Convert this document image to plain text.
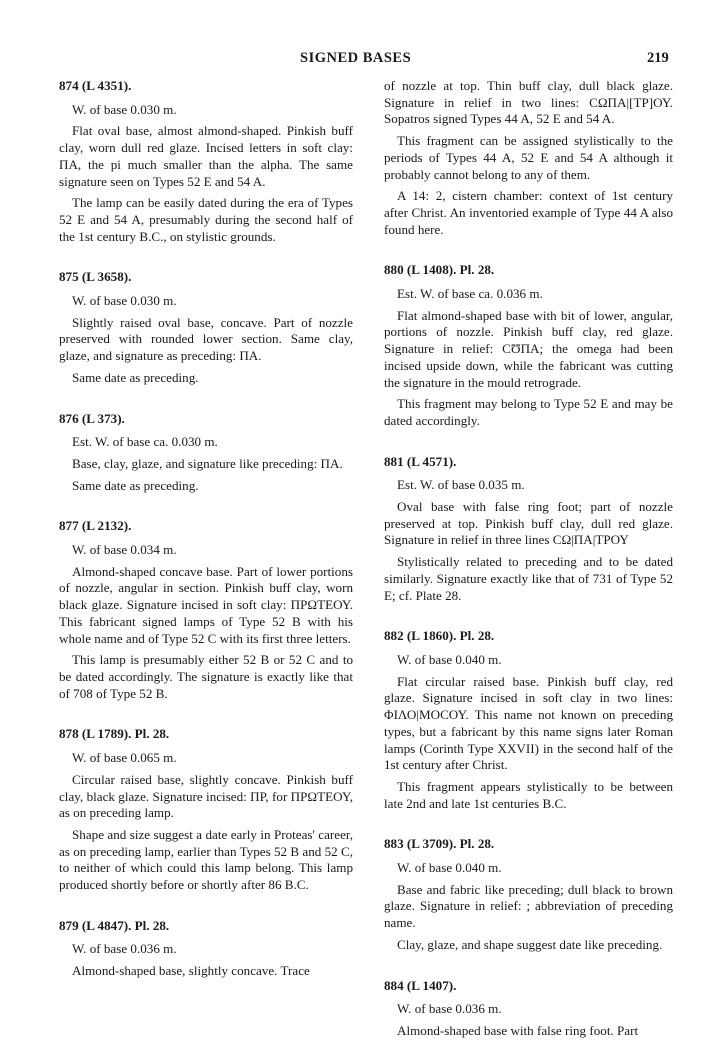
SIGNED BASES	219
874 (L 4351).

W. of base 0.030 m.

Flat oval base, almost almond-shaped. Pinkish buff clay, worn dull red glaze. Incised letters in soft clay: ΠΑ, the pi much smaller than the alpha. The same signature seen on Types 52 E and 54 A.

The lamp can be easily dated during the era of Types 52 E and 54 A, presumably during the second half of the 1st century B.C., on stylistic grounds.

875 (L 3658).

W. of base 0.030 m.

Slightly raised oval base, concave. Part of nozzle preserved with rounded lower section. Same clay, glaze, and signature as preceding: ΠΑ.

Same date as preceding.

876 (L 373).

Est. W. of base ca. 0.030 m.

Base, clay, glaze, and signature like preceding: ΠΑ.

Same date as preceding.

877 (L 2132).

W. of base 0.034 m.

Almond-shaped concave base. Part of lower portions of nozzle, angular in section. Pinkish buff clay, worn black glaze. Signature incised in soft clay: ΠΡΩΤΕΟΥ. This fabricant signed lamps of Type 52 B with his whole name and of Type 52 C with its first three letters.

This lamp is presumably either 52 B or 52 C and to be dated accordingly. The signature is exactly like that of 708 of Type 52 B.

878 (L 1789). Pl. 28.

W. of base 0.065 m.

Circular raised base, slightly concave. Pinkish buff clay, black glaze. Signature incised: ΠΡ, for ΠΡΩΤΕΟΥ, as on preceding lamp.

Shape and size suggest a date early in Proteas' career, as on preceding lamp, earlier than Types 52 B and 52 C, to neither of which could this lamp belong. This lamp produced shortly before or shortly after 86 B.C.

879 (L 4847). Pl. 28.

W. of base 0.036 m.

Almond-shaped base, slightly concave. Trace

of nozzle at top. Thin buff clay, dull black glaze. Signature in relief in two lines: CΩΠΑ|[ΤΡ]ΟΥ. Sopatros signed Types 44 A, 52 E and 54 A.

This fragment can be assigned stylistically to the periods of Types 44 A, 52 E and 54 A although it probably cannot belong to any of them.

A 14: 2, cistern chamber: context of 1st century after Christ. An inventoried example of Type 44 A also found here.

880 (L 1408). Pl. 28.

Est. W. of base ca. 0.036 m.

Flat almond-shaped base with bit of lower, angular, portions of nozzle. Pinkish buff clay, red glaze. Signature in relief: CƱΠΑ; the omega had been incised upside down, while the fabricant was cutting the signature in the mould retrograde.

This fragment may belong to Type 52 E and may be dated accordingly.

881 (L 4571).

Est. W. of base 0.035 m.

Oval base with false ring foot; part of nozzle preserved at top. Pinkish buff clay, dull red glaze. Signature in relief in three lines CΩ|ΠΑ|ΤΡΟΥ

Stylistically related to preceding and to be dated similarly. Signature exactly like that of 731 of Type 52 E; cf. Plate 28.

882 (L 1860). Pl. 28.

W. of base 0.040 m.

Flat circular raised base. Pinkish buff clay, red glaze. Signature incised in soft clay in two lines: ΦΙΛΟ|ΜΟCΟΥ. This name not known on preceding types, but a fabricant by this name signs later Roman lamps (Corinth Type XXVII) in the second half of the 1st century after Christ.

This fragment appears stylistically to be between late 2nd and late 1st centuries B.C.

883 (L 3709). Pl. 28.

W. of base 0.040 m.

Base and fabric like preceding; dull black to brown glaze. Signature in relief: ; abbreviation of preceding name.

Clay, glaze, and shape suggest date like preceding.

884 (L 1407).

W. of base 0.036 m.

Almond-shaped base with false ring foot. Part
